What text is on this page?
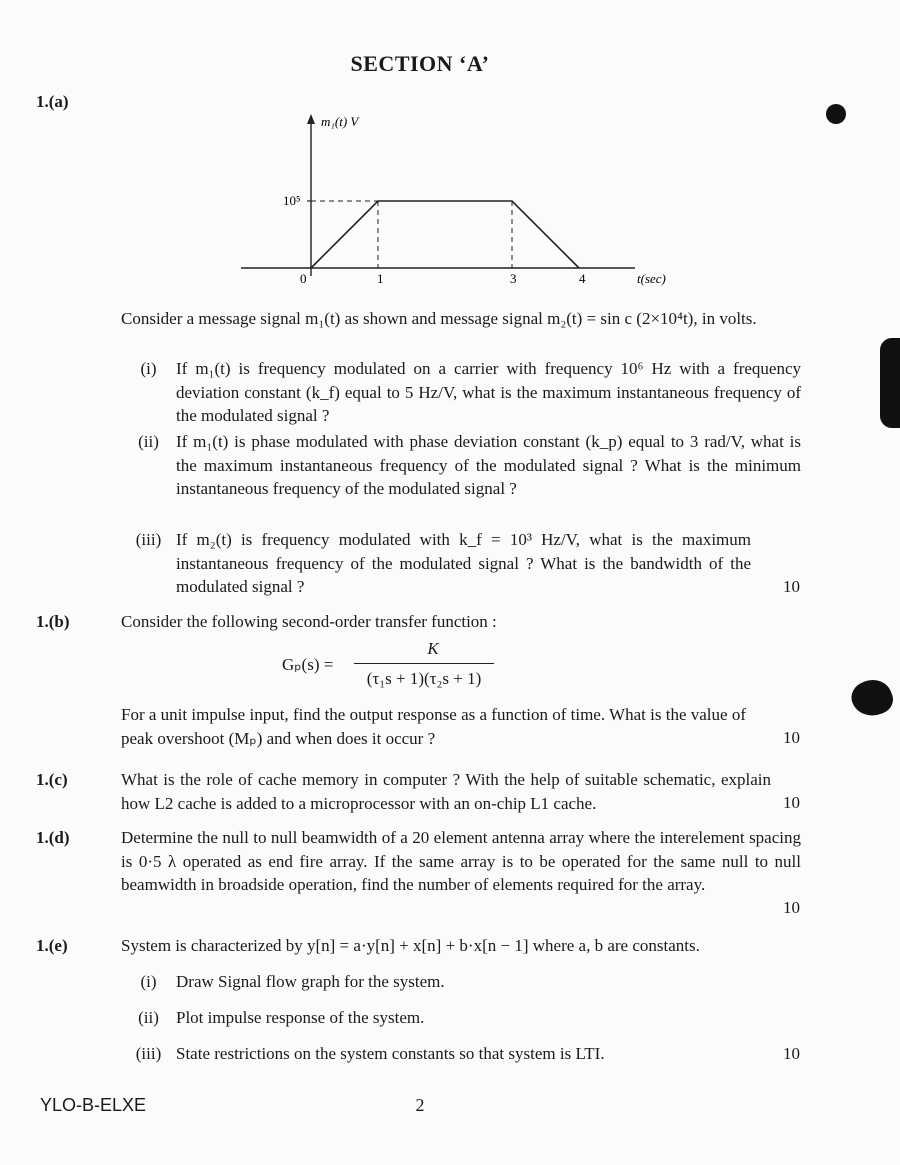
SECTION ‘A’
1.(a)
m₁(t) V
t(sec)
10⁵
0	1	3	4
Consider a message signal m₁(t) as shown and message signal m₂(t) = sin c (2×10⁴t), in volts.
(i)	If m₁(t) is frequency modulated on a carrier with frequency 10⁶ Hz with a frequency deviation constant (k_f) equal to 5 Hz/V, what is the maximum instantaneous frequency of the modulated signal ?
(ii)	If m₁(t) is phase modulated with phase deviation constant (k_p) equal to 3 rad/V, what is the maximum instantaneous frequency of the modulated signal ? What is the minimum instantaneous frequency of the modulated signal ?
(iii) If m₂(t) is frequency modulated with k_f = 10³ Hz/V, what is the maximum instantaneous frequency of the modulated signal ? What is the bandwidth of the modulated signal ?	10
1.(b)	Consider the following second-order transfer function :
Gₚ(s) =
K
(τ₁s + 1)(τ₂s + 1)
For a unit impulse input, find the output response as a function of time. What is the value of peak overshoot (Mₚ) and when does it occur ?	10
1.(c)	What is the role of cache memory in computer ? With the help of suitable schematic, explain how L2 cache is added to a microprocessor with an on-chip L1 cache.	10
1.(d)	Determine the null to null beamwidth of a 20 element antenna array where the interelement spacing is 0·5 λ operated as end fire array. If the same array is to be operated for the same null to null beamwidth in broadside operation, find the number of elements required for the array.
10
1.(e)	System is characterized by y[n] = a·y[n] + x[n] + b·x[n − 1] where a, b are constants.
(i)	Draw Signal flow graph for the system.
(ii)	Plot impulse response of the system.
(iii) State restrictions on the system constants so that system is LTI.	10
YLO-B-ELXE	2
